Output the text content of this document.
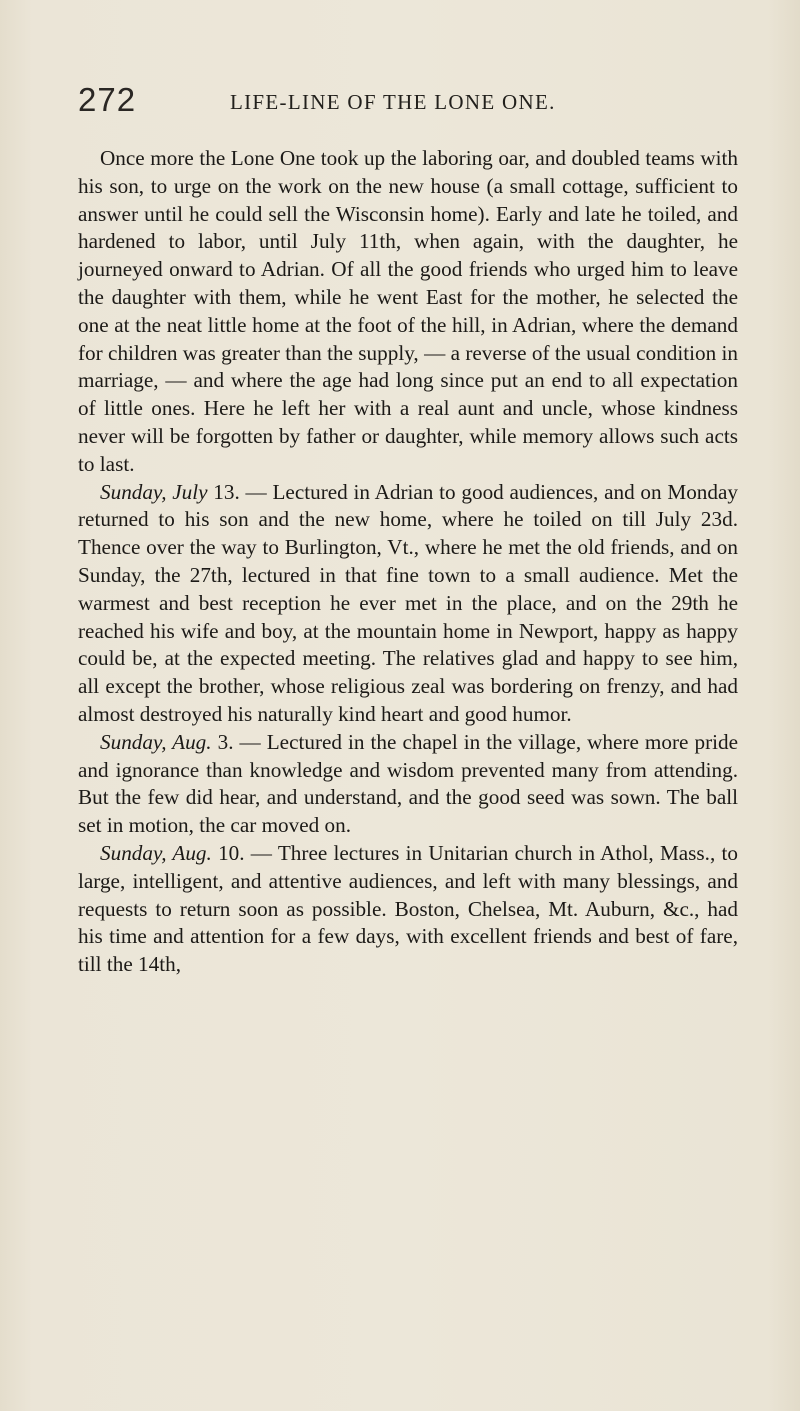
272	LIFE-LINE OF THE LONE ONE.

Once more the Lone One took up the laboring oar, and doubled teams with his son, to urge on the work on the new house (a small cottage, sufficient to answer until he could sell the Wisconsin home). Early and late he toiled, and hardened to labor, until July 11th, when again, with the daughter, he journeyed onward to Adrian. Of all the good friends who urged him to leave the daughter with them, while he went East for the mother, he selected the one at the neat little home at the foot of the hill, in Adrian, where the demand for children was greater than the supply, — a reverse of the usual condition in marriage, — and where the age had long since put an end to all expectation of little ones. Here he left her with a real aunt and uncle, whose kindness never will be forgotten by father or daughter, while memory allows such acts to last.

Sunday, July 13. — Lectured in Adrian to good audiences, and on Monday returned to his son and the new home, where he toiled on till July 23d. Thence over the way to Burlington, Vt., where he met the old friends, and on Sunday, the 27th, lectured in that fine town to a small audience. Met the warmest and best reception he ever met in the place, and on the 29th he reached his wife and boy, at the mountain home in Newport, happy as happy could be, at the expected meeting. The relatives glad and happy to see him, all except the brother, whose religious zeal was bordering on frenzy, and had almost destroyed his naturally kind heart and good humor.

Sunday, Aug. 3. — Lectured in the chapel in the village, where more pride and ignorance than knowledge and wisdom prevented many from attending. But the few did hear, and understand, and the good seed was sown. The ball set in motion, the car moved on.

Sunday, Aug. 10. — Three lectures in Unitarian church in Athol, Mass., to large, intelligent, and attentive audiences, and left with many blessings, and requests to return soon as possible. Boston, Chelsea, Mt. Auburn, &c., had his time and attention for a few days, with excellent friends and best of fare, till the 14th,
